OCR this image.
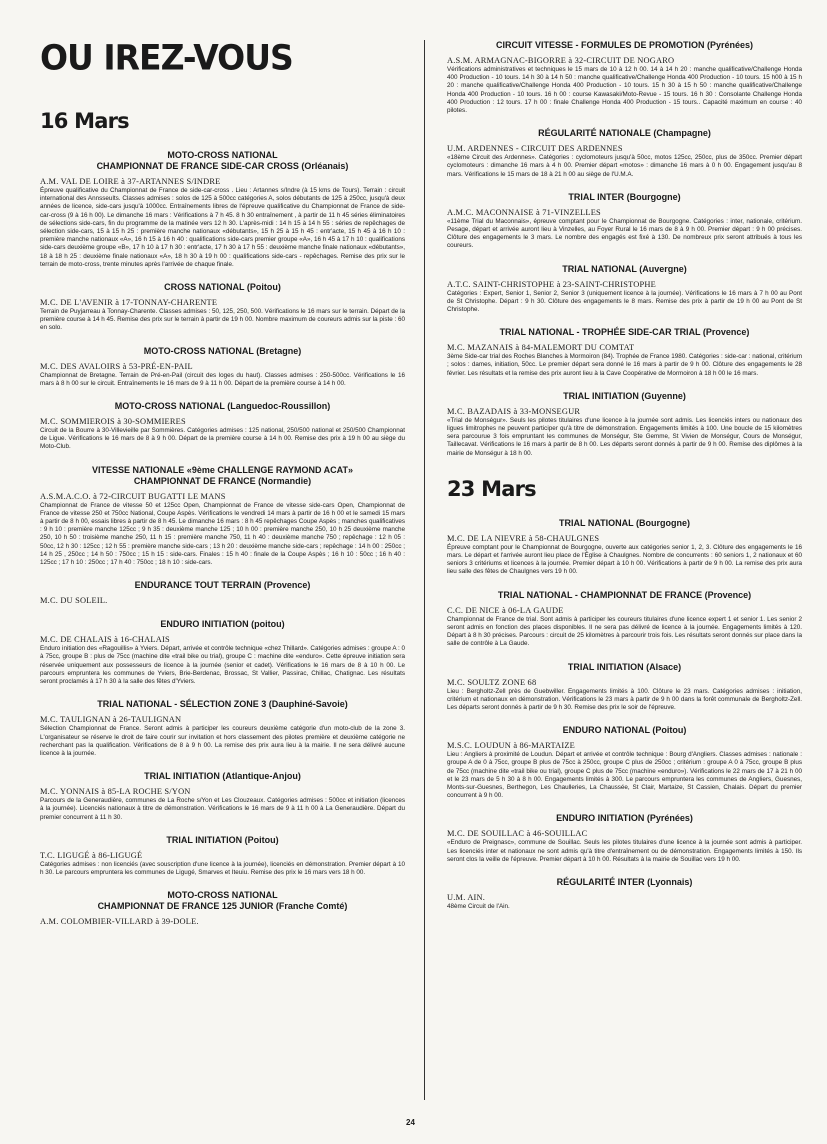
OU IREZ-VOUS
16 Mars
MOTO-CROSS NATIONAL
CHAMPIONNAT DE FRANCE SIDE-CAR CROSS (Orléanais)
A.M. VAL DE LOIRE à 37-ARTANNES S/INDRE
Épreuve qualificative du Championnat de France de side-car-cross . Lieu : Artannes s/Indre (à 15 kms de Tours). Terrain : circuit international des Annsseults. Classes admises : solos de 125 à 500cc catégories A, solos débutants de 125 à 250cc, jusqu'à deux années de licence, side-cars jusqu'à 1000cc. Entraînements libres de l'épreuve qualificative du Championnat de France de side-car-cross (9 à 16 h 00). Le dimanche 16 mars : Vérifications à 7 h 45. 8 h 30 entraînement , à partir de 11 h 45 séries éliminatoires de sélections side-cars, fin du programme de la matinée vers 12 h 30. L'après-midi : 14 h 15 à 14 h 55 : séries de repêchages de sélection side-cars, 15 à 15 h 25 : première manche nationaux «débutants», 15 h 25 à 15 h 45 : entr'acte, 15 h 45 à 16 h 10 : première manche nationaux «A», 16 h 15 à 16 h 40 : qualifications side-cars premier groupe «A», 16 h 45 à 17 h 10 : qualifications side-cars deuxième groupe «B», 17 h 10 à 17 h 30 : entr'acte, 17 h 30 à 17 h 55 : deuxième manche finale nationaux «débutants», 18 à 18 h 25 : deuxième finale nationaux «A», 18 h 30 à 19 h 00 : qualifications side-cars - repêchages. Remise des prix sur le terrain de moto-cross, trente minutes après l'arrivée de chaque finale.
CROSS NATIONAL (Poitou)
M.C. DE L'AVENIR à 17-TONNAY-CHARENTE
Terrain de Puyjarreau à Tonnay-Charente. Classes admises : 50, 125, 250, 500. Vérifications le 16 mars sur le terrain. Départ de la première course à 14 h 45. Remise des prix sur le terrain à partir de 19 h 00. Nombre maximum de coureurs admis sur la piste : 60 en solo.
MOTO-CROSS NATIONAL (Bretagne)
M.C. DES AVALOIRS à 53-PRÉ-EN-PAIL
Championnat de Bretagne. Terrain de Pré-en-Pail (circuit des loges du haut). Classes admises : 250-500cc. Vérifications le 16 mars à 8 h 00 sur le circuit. Entraînements le 16 mars de 9 à 11 h 00. Départ de la première course à 14 h 00.
MOTO-CROSS NATIONAL (Languedoc-Roussillon)
M.C. SOMMIEROIS à 30-SOMMIERES
Circuit de la Bourre à 30-Villevieille par Sommières. Catégories admises : 125 national, 250/500 national et 250/500 Championnat de Ligue. Vérifications le 16 mars de 8 à 9 h 00. Départ de la première course à 14 h 00. Remise des prix à 19 h 00 au siège du Moto-Club.
VITESSE NATIONALE «9ème CHALLENGE RAYMOND ACAT»
CHAMPIONNAT DE FRANCE (Normandie)
A.S.M.A.C.O. à 72-CIRCUIT BUGATTI LE MANS
Championnat de France de vitesse 50 et 125cc Open, Championnat de France de vitesse side-cars Open, Championnat de France de vitesse 250 et 750cc National, Coupe Aspès. Vérifications le vendredi 14 mars à partir de 16 h 00 et le samedi 15 mars à partir de 8 h 00, essais libres à partir de 8 h 45. Le dimanche 16 mars : 8 h 45 repêchages Coupe Aspès ; manches qualificatives : 9 h 10 : première manche 125cc ; 9 h 35 : deuxième manche 125 ; 10 h 00 : première manche 250, 10 h 25 deuxième manche 250, 10 h 50 : troisième manche 250, 11 h 15 : première manche 750, 11 h 40 : deuxième manche 750 ; repêchage : 12 h 05 : 50cc, 12 h 30 : 125cc ; 12 h 55 : première manche side-cars ; 13 h 20 : deuxième manche side-cars ; repêchage : 14 h 00 : 250cc ; 14 h 25 , 250cc ; 14 h 50 : 750cc ; 15 h 15 : side-cars. Finales : 15 h 40 : finale de la Coupe Aspès ; 16 h 10 : 50cc ; 16 h 40 : 125cc ; 17 h 10 : 250cc ; 17 h 40 : 750cc ; 18 h 10 : side-cars.
ENDURANCE TOUT TERRAIN (Provence)
M.C. DU SOLEIL.
ENDURO INITIATION (poitou)
M.C. DE CHALAIS à 16-CHALAIS
Enduro initiation des «Ragouillis» à Yviers. Départ, arrivée et contrôle technique «chez Thillard». Catégories admises : groupe A : 0 à 75cc, groupe B : plus de 75cc (machine dite «trail bike ou trial), groupe C : machine dite «enduro». Cette épreuve initiation sera réservée uniquement aux possesseurs de licence à la journée (senior et cadet). Vérifications le 16 mars de 8 à 10 h 00. Le parcours empruntera les communes de Yviers, Brie-Berdenac, Brossac, St Vallier, Passirac, Chillac, Chatignac. Les résultats seront proclamés à 17 h 30 à la salle des fêtes d'Yviers.
TRIAL NATIONAL - SÉLECTION ZONE 3 (Dauphiné-Savoie)
M.C. TAULIGNAN à 26-TAULIGNAN
Sélection Championnat de France. Seront admis à participer les coureurs deuxième catégorie d'un moto-club de la zone 3. L'organisateur se réserve le droit de faire courir sur invitation et hors classement des pilotes première et deuxième catégorie ne recherchant pas la qualification. Vérifications de 8 à 9 h 00. La remise des prix aura lieu à la mairie. Il ne sera délivré aucune licence à la journée.
TRIAL INITIATION (Atlantique-Anjou)
M.C. YONNAIS à 85-LA ROCHE S/YON
Parcours de la Generaudière, communes de La Roche s/Yon et Les Clouzeaux. Catégories admises : 500cc et initiation (licences à la journée). Licenciés nationaux à titre de démonstration. Vérifications le 16 mars de 9 à 11 h 00 à La Generaudière. Départ du premier concurrent à 11 h 30.
TRIAL INITIATION (Poitou)
T.C. LIGUGÉ à 86-LIGUGÉ
Catégories admises : non licenciés (avec souscription d'une licence à la journée), licenciés en démonstration. Premier départ à 10 h 30. Le parcours empruntera les communes de Ligugé, Smarves et Iteuiu. Remise des prix le 16 mars vers 18 h 00.
MOTO-CROSS NATIONAL
CHAMPIONNAT DE FRANCE 125 JUNIOR (Franche Comté)
A.M. COLOMBIER-VILLARD à 39-DOLE.
CIRCUIT VITESSE - FORMULES DE PROMOTION (Pyrénées)
A.S.M. ARMAGNAC-BIGORRE à 32-CIRCUIT DE NOGARO
Vérifications administratives et techniques le 15 mars de 10 à 12 h 00. 14 à 14 h 20 : manche qualificative/Challenge Honda 400 Production - 10 tours. 14 h 30 à 14 h 50 : manche qualificative/Challenge Honda 400 Production - 10 tours. 15 h00 à 15 h 20 : manche qualificative/Challenge Honda 400 Production - 10 tours. 15 h 30 à 15 h 50 : manche qualificative/Challenge Honda 400 Production - 10 tours. 16 h 00 : course Kawasaki/Moto-Revue - 15 tours. 16 h 30 : Consolante Challenge Honda 400 Production : 12 tours. 17 h 00 : finale Challenge Honda 400 Production - 15 tours.. Capacité maximum en course : 40 pilotes.
RÉGULARITÉ NATIONALE (Champagne)
U.M. ARDENNES - CIRCUIT DES ARDENNES
«18ème Circuit des Ardennes». Catégories : cyclomoteurs jusqu'à 50cc, motos 125cc, 250cc, plus de 350cc. Premier départ cyclomoteurs : dimanche 16 mars à 4 h 00. Premier départ «motos» : dimanche 16 mars à 0 h 00. Engagement jusqu'au 8 mars. Vérifications le 15 mars de 18 à 21 h 00 au siège de l'U.M.A.
TRIAL INTER (Bourgogne)
A.M.C. MACONNAISE à 71-VINZELLES
«11ème Trial du Maconnais», épreuve comptant pour le Championnat de Bourgogne. Catégories : inter, nationale, critérium. Pesage, départ et arrivée auront lieu à Vinzelles, au Foyer Rural le 16 mars de 8 à 9 h 00. Premier départ : 9 h 00 précises. Clôture des engagements le 3 mars. Le nombre des engagés est fixé à 130. De nombreux prix seront attribués à tous les coureurs.
TRIAL NATIONAL (Auvergne)
A.T.C. SAINT-CHRISTOPHE à 23-SAINT-CHRISTOPHE
Catégories : Expert, Senior 1, Senior 2, Senior 3 (uniquement licence à la journée). Vérifications le 16 mars à 7 h 00 au Pont de St Christophe. Départ : 9 h 30. Clôture des engagements le 8 mars. Remise des prix à partir de 19 h 00 au Pont de St Christophe.
TRIAL NATIONAL - TROPHÉE SIDE-CAR TRIAL (Provence)
M.C. MAZANAIS à 84-MALEMORT DU COMTAT
3ème Side-car trial des Roches Blanches à Mormoiron (84). Trophée de France 1980. Catégories : side-car : national, critérium ; solos : dames, initiation, 50cc. Le premier départ sera donné le 16 mars à partir de 9 h 00. Clôture des engagements le 28 février. Les résultats et la remise des prix auront lieu à la Cave Coopérative de Mormoiron à 18 h 00 le 16 mars.
TRIAL INITIATION (Guyenne)
M.C. BAZADAIS à 33-MONSEGUR
«Trial de Monségur». Seuls les pilotes titulaires d'une licence à la journée sont admis. Les licenciés inters ou nationaux des ligues limitrophes ne peuvent participer qu'à titre de démonstration. Engagements limités à 100. Une boucle de 15 kilomètres sera parcourue 3 fois empruntant les communes de Monségur, Ste Gemme, St Vivien de Monségur, Cours de Monségur, Taillecavat. Vérifications le 16 mars à partir de 8 h 00. Les départs seront donnés à partir de 9 h 00. Remise des diplômes à la mairie de Monségur à 18 h 00.
23 Mars
TRIAL NATIONAL (Bourgogne)
M.C. DE LA NIEVRE à 58-CHAULGNES
Épreuve comptant pour le Championnat de Bourgogne, ouverte aux catégories senior 1, 2, 3. Clôture des engagements le 16 mars. Le départ et l'arrivée auront lieu place de l'Église à Chaulgnes. Nombre de concurrents : 60 seniors 1, 2 nationaux et 60 seniors 3 critériums et licences à la journée. Premier départ à 10 h 00. Vérifications à partir de 9 h 00. La remise des prix aura lieu salle des fêtes de Chaulgnes vers 19 h 00.
TRIAL NATIONAL - CHAMPIONNAT DE FRANCE (Provence)
C.C. DE NICE à 06-LA GAUDE
Championnat de France de trial. Sont admis à participer les coureurs titulaires d'une licence expert 1 et senior 1. Les senior 2 seront admis en fonction des places disponibles. Il ne sera pas délivré de licence à la journée. Engagements limités à 120. Départ à 8 h 30 précises. Parcours : circuit de 25 kilomètres à parcourir trois fois. Les résultats seront donnés sur place dans la salle de contrôle à La Gaude.
TRIAL INITIATION (Alsace)
M.C. SOULTZ ZONE 68
Lieu : Bergholtz-Zell près de Guebwiller. Engagements limités à 100. Clôture le 23 mars. Catégories admises : initiation, critérium et nationaux en démonstration. Vérifications le 23 mars à partir de 9 h 00 dans la forêt communale de Bergholtz-Zell. Les départs seront donnés à partir de 9 h 30. Remise des prix le soir de l'épreuve.
ENDURO NATIONAL (Poitou)
M.S.C. LOUDUN à 86-MARTAIZE
Lieu : Angliers à proximité de Loudun. Départ et arrivée et contrôle technique : Bourg d'Angliers. Classes admises : nationale : groupe A de 0 à 75cc, groupe B plus de 75cc à 250cc, groupe C plus de 250cc ; critérium : groupe A 0 à 75cc, groupe B plus de 75cc (machine dite «trail bike ou trial), groupe C plus de 75cc (machine «enduro»). Vérifications le 22 mars de 17 à 21 h 00 et le 23 mars de 5 h 30 à 8 h 00. Engagements limités à 300. Le parcours empruntera les communes de Angliers, Guesnes, Monts-sur-Guesnes, Berthegon, Les Chaulleries, La Chaussée, St Clair, Martaize, St Cassien, Chalais. Départ du premier concurrent à 9 h 00.
ENDURO INITIATION (Pyrénées)
M.C. DE SOUILLAC à 46-SOUILLAC
«Enduro de Preignasc», commune de Souillac. Seuls les pilotes titulaires d'une licence à la journée sont admis à participer. Les licenciés inter et nationaux ne sont admis qu'à titre d'entraînement ou de démonstration. Engagements limités à 150. Ils seront clos la veille de l'épreuve. Premier départ à 10 h 00. Résultats à la mairie de Souillac vers 19 h 00.
RÉGULARITÉ INTER (Lyonnais)
U.M. AIN.
48ème Circuit de l'Ain.
24
